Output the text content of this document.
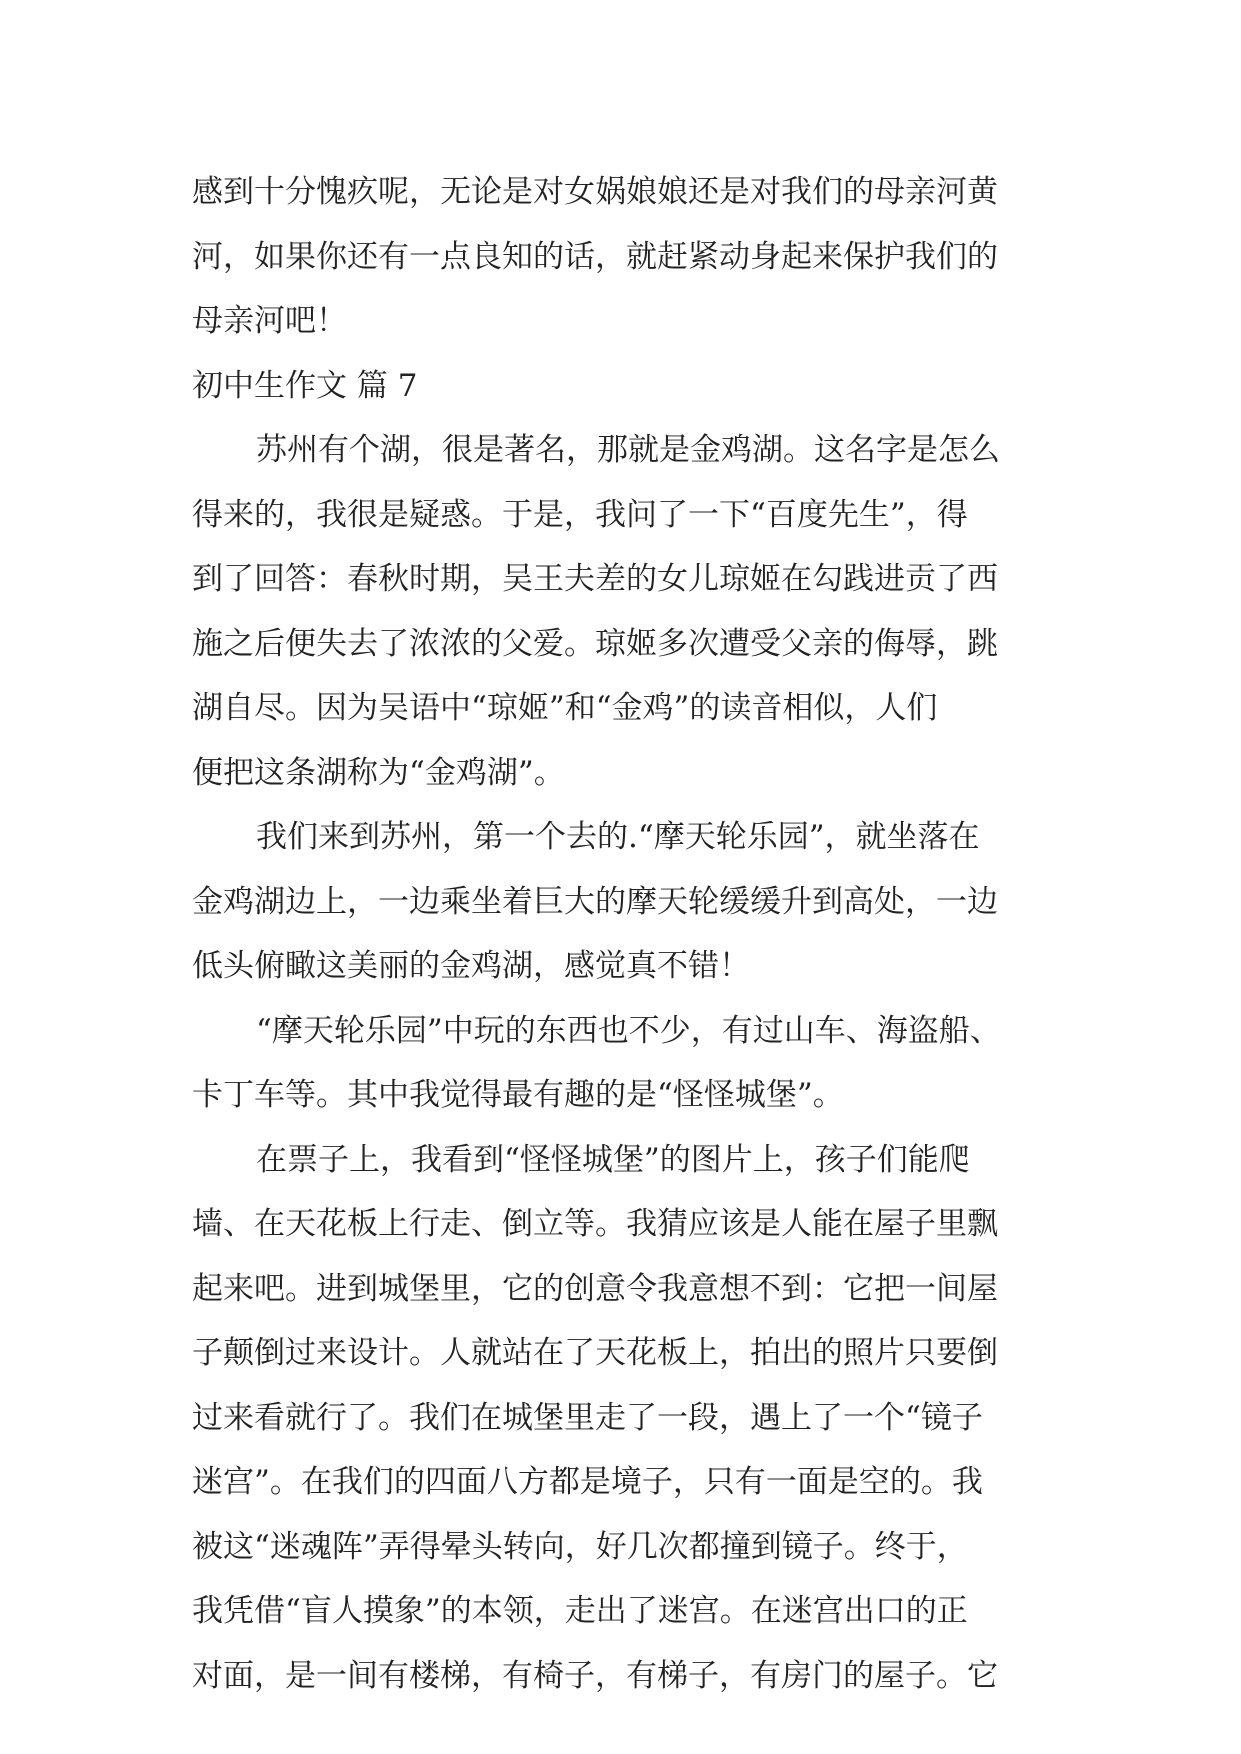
感到十分愧疚呢，无论是对女娲娘娘还是对我们的母亲河黄
河，如果你还有一点良知的话，就赶紧动身起来保护我们的
母亲河吧！
初中生作文 篇 7
苏州有个湖，很是著名，那就是金鸡湖。这名字是怎么
得来的，我很是疑惑。于是，我问了一下“百度先生”，得
到了回答：春秋时期，吴王夫差的女儿琼姬在勾践进贡了西
施之后便失去了浓浓的父爱。琼姬多次遭受父亲的侮辱，跳
湖自尽。因为吴语中“琼姬”和“金鸡”的读音相似，人们
便把这条湖称为“金鸡湖”。
我们来到苏州，第一个去的.“摩天轮乐园”，就坐落在
金鸡湖边上，一边乘坐着巨大的摩天轮缓缓升到高处，一边
低头俯瞰这美丽的金鸡湖，感觉真不错！
“摩天轮乐园”中玩的东西也不少，有过山车、海盗船、
卡丁车等。其中我觉得最有趣的是“怪怪城堡”。
在票子上，我看到“怪怪城堡”的图片上，孩子们能爬
墙、在天花板上行走、倒立等。我猜应该是人能在屋子里飘
起来吧。进到城堡里，它的创意令我意想不到：它把一间屋
子颠倒过来设计。人就站在了天花板上，拍出的照片只要倒
过来看就行了。我们在城堡里走了一段，遇上了一个“镜子
迷宫”。在我们的四面八方都是境子，只有一面是空的。我
被这“迷魂阵”弄得晕头转向，好几次都撞到镜子。终于，
我凭借“盲人摸象”的本领，走出了迷宫。在迷宫出口的正
对面，是一间有楼梯，有椅子，有梯子，有房门的屋子。它
